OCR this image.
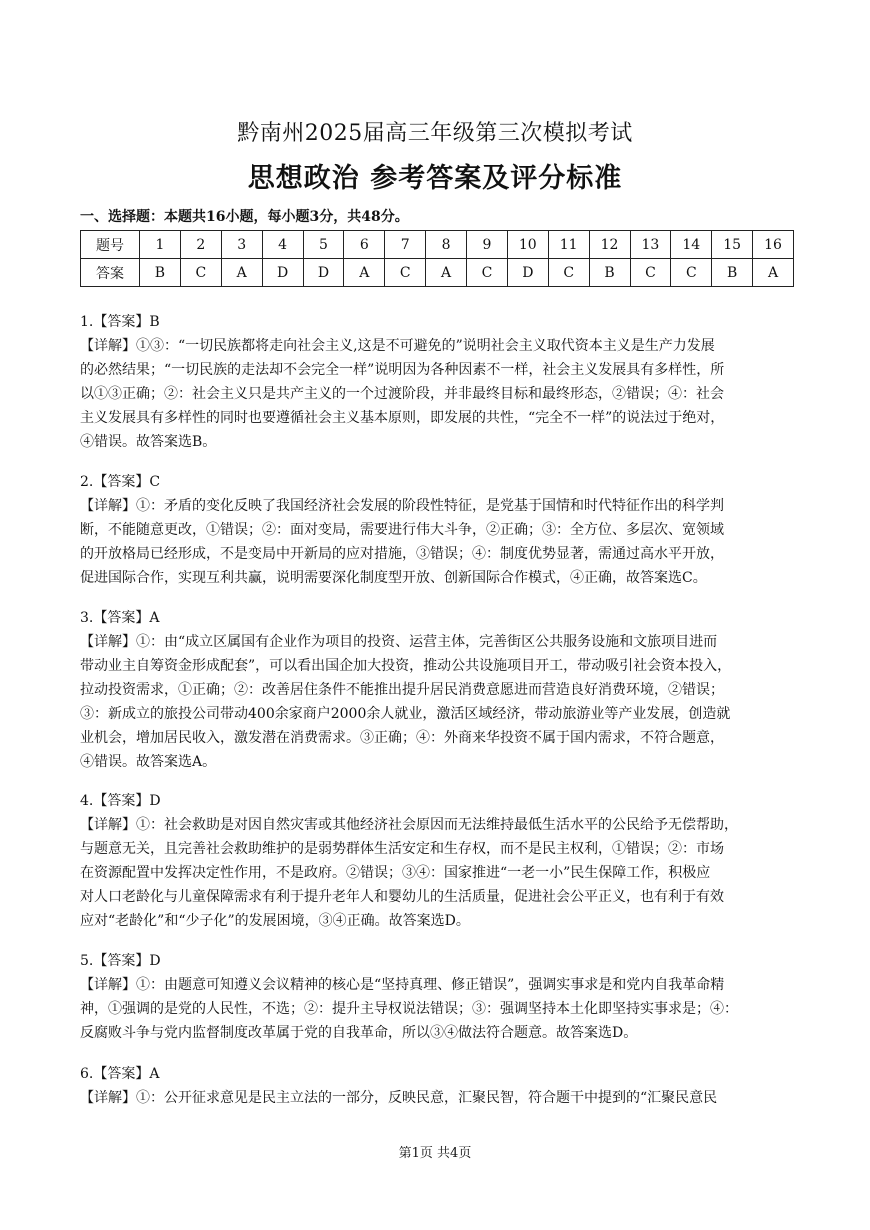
黔南州2025届高三年级第三次模拟考试
思想政治 参考答案及评分标准
一、选择题：本题共16小题，每小题3分，共48分。
题号	1	2	3	4	5	6	7	8	9	10	11	12	13	14	15	16
答案	B	C	A	D	D	A	C	A	C	D	C	B	C	C	B	A
1.【答案】B
【详解】①③：“一切民族都将走向社会主义,这是不可避免的”说明社会主义取代资本主义是生产力发展
的必然结果；“一切民族的走法却不会完全一样”说明因为各种因素不一样，社会主义发展具有多样性，所
以①③正确；②：社会主义只是共产主义的一个过渡阶段，并非最终目标和最终形态，②错误；④：社会
主义发展具有多样性的同时也要遵循社会主义基本原则，即发展的共性，“完全不一样”的说法过于绝对，
④错误。故答案选B。
2.【答案】C
【详解】①：矛盾的变化反映了我国经济社会发展的阶段性特征，是党基于国情和时代特征作出的科学判
断，不能随意更改，①错误；②：面对变局，需要进行伟大斗争，②正确；③：全方位、多层次、宽领域
的开放格局已经形成，不是变局中开新局的应对措施，③错误；④：制度优势显著，需通过高水平开放，
促进国际合作，实现互利共赢，说明需要深化制度型开放、创新国际合作模式，④正确，故答案选C。
3.【答案】A
【详解】①：由“成立区属国有企业作为项目的投资、运营主体，完善街区公共服务设施和文旅项目进而
带动业主自筹资金形成配套”，可以看出国企加大投资，推动公共设施项目开工，带动吸引社会资本投入，
拉动投资需求，①正确；②：改善居住条件不能推出提升居民消费意愿进而营造良好消费环境，②错误；
③：新成立的旅投公司带动400余家商户2000余人就业，激活区域经济，带动旅游业等产业发展，创造就
业机会，增加居民收入，激发潜在消费需求。③正确；④：外商来华投资不属于国内需求，不符合题意，
④错误。故答案选A。
4.【答案】D
【详解】①：社会救助是对因自然灾害或其他经济社会原因而无法维持最低生活水平的公民给予无偿帮助，
与题意无关，且完善社会救助维护的是弱势群体生活安定和生存权，而不是民主权利，①错误；②：市场
在资源配置中发挥决定性作用，不是政府。②错误；③④：国家推进“一老一小”民生保障工作，积极应
对人口老龄化与儿童保障需求有利于提升老年人和婴幼儿的生活质量，促进社会公平正义，也有利于有效
应对“老龄化”和“少子化”的发展困境，③④正确。故答案选D。
5.【答案】D
【详解】①：由题意可知遵义会议精神的核心是“坚持真理、修正错误”，强调实事求是和党内自我革命精
神，①强调的是党的人民性，不选；②：提升主导权说法错误；③：强调坚持本土化即坚持实事求是；④：
反腐败斗争与党内监督制度改革属于党的自我革命，所以③④做法符合题意。故答案选D。
6.【答案】A
【详解】①：公开征求意见是民主立法的一部分，反映民意，汇聚民智，符合题干中提到的“汇聚民意民
第1页 共4页
